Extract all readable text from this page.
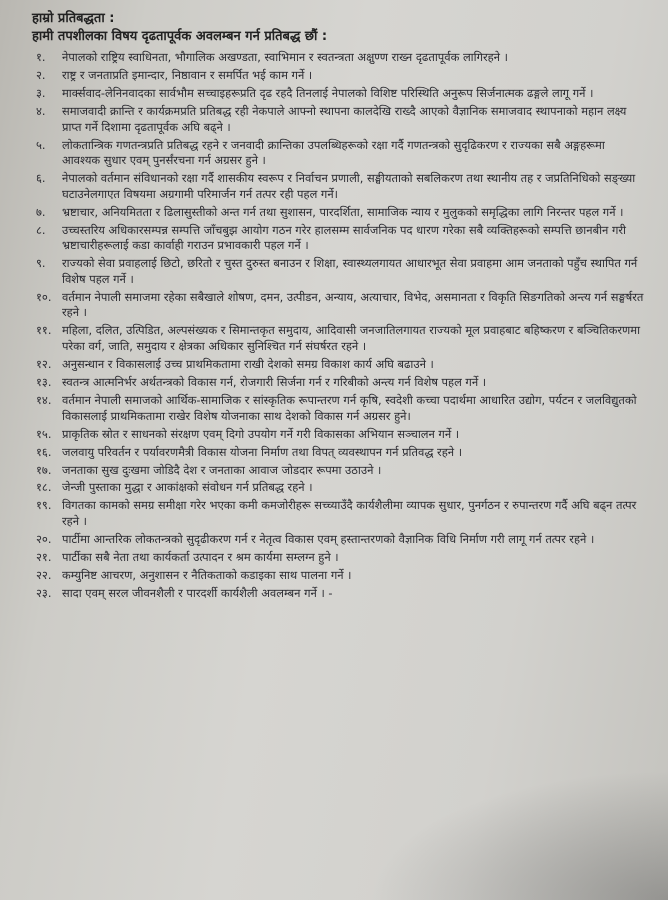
हाम्रो प्रतिबद्धता :
हामी तपशीलका विषय दृढतापूर्वक अवलम्बन गर्न प्रतिबद्ध छौं :
१.	नेपालको राष्ट्रिय स्वाधिनता, भौगालिक अखण्डता, स्वाभिमान र स्वतन्त्रता अक्षुण्ण राख्न दृढतापूर्वक लागिरहने ।
२.	राष्ट्र र जनताप्रति इमान्दार, निष्ठावान र समर्पित भई काम गर्ने ।
३.	मार्क्सवाद-लेनिनवादका सार्वभौम सच्चाइहरूप्रति दृढ रहदै तिनलाई नेपालको विशिष्ट परिस्थिति अनुरूप सिर्जनात्मक ढङ्गले लागू गर्ने ।
४.	समाजवादी क्रान्ति र कार्यक्रमप्रति प्रतिबद्ध रही नेकपाले आफ्नो स्थापना कालदेखि राख्दै आएको वैज्ञानिक समाजवाद स्थापनाको महान लक्ष्य प्राप्त गर्ने दिशामा दृढतापूर्वक अघि बढ्ने ।
५.	लोकतान्त्रिक गणतन्त्रप्रति प्रतिबद्ध रहने र जनवादी क्रान्तिका उपलब्धिहरूको रक्षा गर्दै गणतन्त्रको सुदृढिकरण र राज्यका सबै अङ्गहरूमा आवश्यक सुधार एवम् पुनर्संरचना गर्न अग्रसर हुने ।
६.	नेपालको वर्तमान संविधानको रक्षा गर्दै शासकीय स्वरूप र निर्वाचन प्रणाली, सङ्घीयताको सबलिकरण तथा स्थानीय तह र जप्रतिनिधिको सङ्ख्या घटाउनेलगाएत विषयमा अग्रगामी परिमार्जन गर्न तत्पर रही पहल गर्ने।
७.	भ्रष्टाचार, अनियमितता र ढिलासुस्तीको अन्त गर्न तथा सुशासन, पारदर्शिता, सामाजिक न्याय र मुलुकको समृद्धिका लागि निरन्तर पहल गर्ने ।
८.	उच्चस्तरिय अधिकारसम्पन्न सम्पत्ति जाँचबुझ आयोग गठन गरेर हालसम्म सार्वजनिक पद धारण गरेका सबै व्यक्तिहरूको सम्पत्ति छानबीन गरी भ्रष्टाचारीहरूलाई कडा कार्वाही गराउन प्रभावकारी पहल गर्ने ।
९.	राज्यको सेवा प्रवाहलाई छिटो, छरितो र चुस्त दुरुस्त बनाउन र शिक्षा, स्वास्थ्यलगायत आधारभूत सेवा प्रवाहमा आम जनताको पहुँच स्थापित गर्न विशेष पहल गर्ने ।
१०. वर्तमान नेपाली समाजमा रहेका सबैखाले शोषण, दमन, उत्पीडन, अन्याय, अत्याचार, विभेद, असमानता र विकृति सिङगतिको अन्त्य गर्न सङ्घर्षरत रहने ।
११. महिला, दलित, उत्पिडित, अल्पसंख्यक र सिमान्तकृत समुदाय, आदिवासी जनजातिलगायत राज्यको मूल प्रवाहबाट बहिष्करण र बञ्चितिकरणमा परेका वर्ग, जाति, समुदाय र क्षेत्रका अधिकार सुनिश्चित गर्न संघर्षरत रहने ।
१२. अनुसन्धान र विकासलाई उच्च प्राथमिकतामा राखी देशको समग्र विकाश कार्य अघि बढाउने ।
१३. स्वतन्त्र आत्मनिर्भर अर्थतन्त्रको विकास गर्न, रोजगारी सिर्जना गर्न र गरिबीको अन्त्य गर्न विशेष पहल गर्ने ।
१४. वर्तमान नेपाली समाजको आर्थिक-सामाजिक र सांस्कृतिक रूपान्तरण गर्न कृषि, स्वदेशी कच्चा पदार्थमा आधारित उद्योग, पर्यटन र जलविद्युतको विकासलाई प्राथमिकतामा राखेर विशेष योजनाका साथ देशको विकास गर्न अग्रसर हुने।
१५. प्राकृतिक स्रोत र साधनको संरक्षण एवम् दिगो उपयोग गर्ने गरी विकासका अभियान सञ्चालन गर्ने ।
१६. जलवायु परिवर्तन र पर्यावरणमैत्री विकास योजना निर्माण तथा विपत् व्यवस्थापन गर्न प्रतिवद्ध रहने ।
१७. जनताका सुख दुःखमा जोडिदै देश र जनताका आवाज जोडदार रूपमा उठाउने ।
१८. जेन्जी पुस्ताका मुद्धा र आकांक्षको संवोधन गर्न प्रतिबद्ध रहने ।
१९. विगतका कामको समग्र समीक्षा गरेर भएका कमी कमजोरीहरू सच्च्याउँदै कार्यशैलीमा व्यापक सुधार, पुनर्गठन र रुपान्तरण गर्दै अघि बढ्न तत्पर रहने ।
२०. पार्टीमा आन्तरिक लोकतन्त्रको सुदृढीकरण गर्न र नेतृत्व विकास एवम् हस्तान्तरणको वैज्ञानिक विधि निर्माण गरी लागू गर्न तत्पर रहने ।
२१. पार्टीका सबै नेता तथा कार्यकर्ता उत्पादन र श्रम कार्यमा सम्लग्न हुने ।
२२. कम्युनिष्ट आचरण, अनुशासन र नैतिकताको कडाइका साथ पालना गर्ने ।
२३. सादा एवम् सरल जीवनशैली र पारदर्शी कार्यशैली अवलम्बन गर्ने । -
